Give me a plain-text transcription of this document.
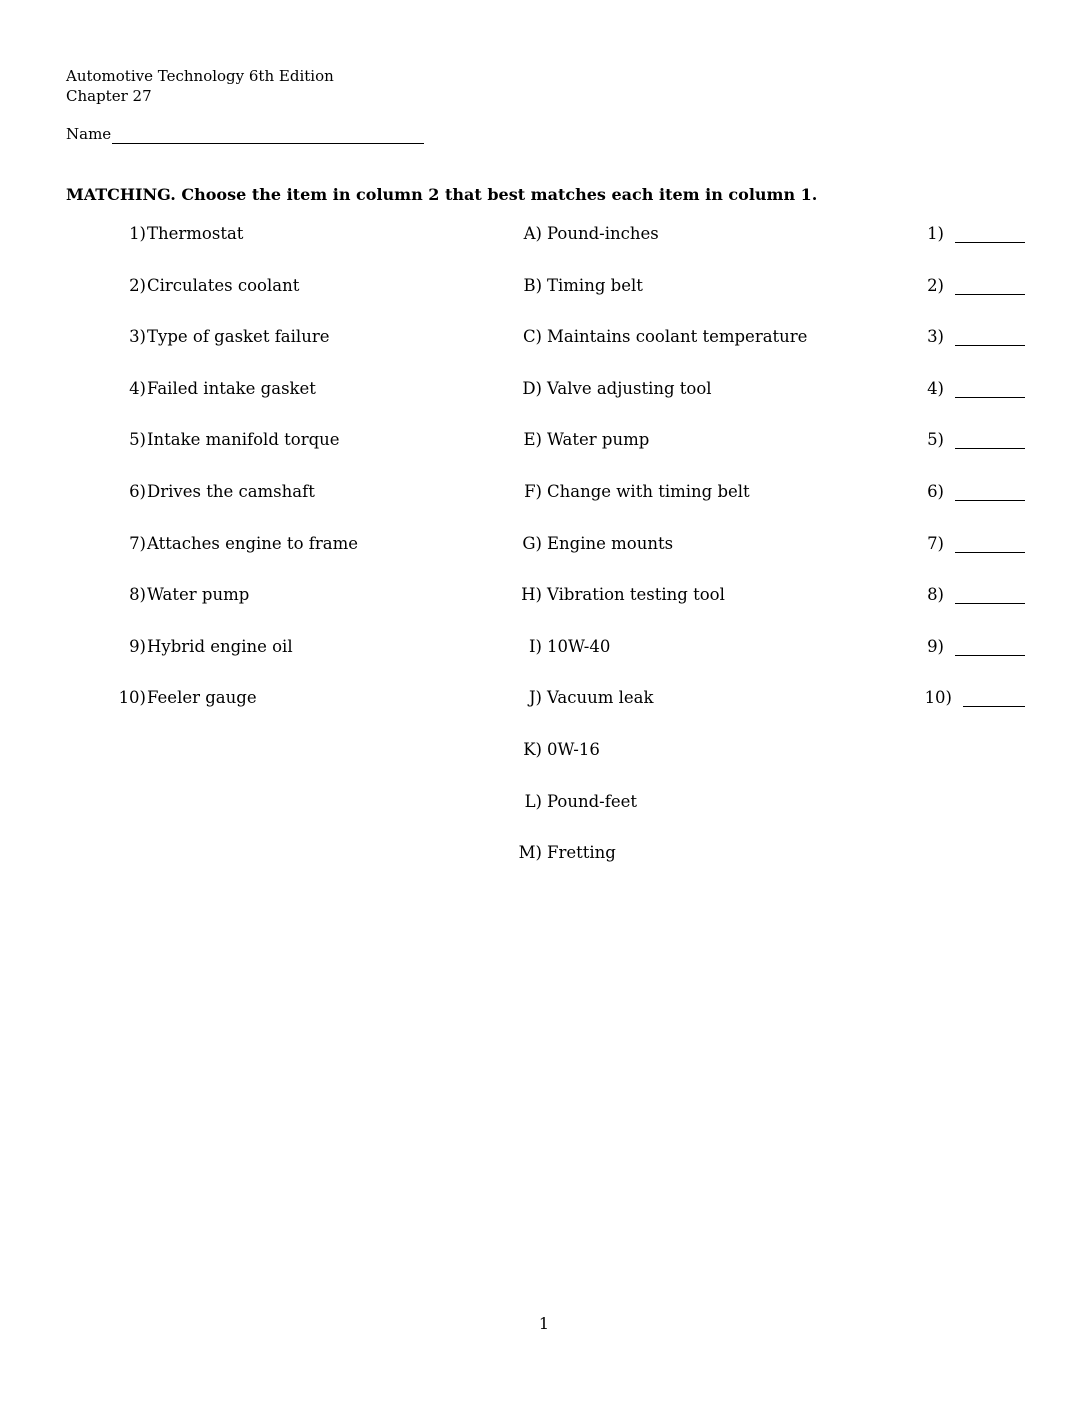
Automotive Technology 6th Edition
Chapter 27
Name
MATCHING. Choose the item in column 2 that best matches each item in column 1.
1) Thermostat	A) Pound-inches	1)
2) Circulates coolant	B) Timing belt	2)
3) Type of gasket failure	C) Maintains coolant temperature	3)
4) Failed intake gasket	D) Valve adjusting tool	4)
5) Intake manifold torque	E) Water pump	5)
6) Drives the camshaft	F) Change with timing belt	6)
7) Attaches engine to frame	G) Engine mounts	7)
8) Water pump	H) Vibration testing tool	8)
9) Hybrid engine oil	I) 10W-40	9)
10) Feeler gauge	J) Vacuum leak	10)
K) 0W-16
L) Pound-feet
M) Fretting
1
